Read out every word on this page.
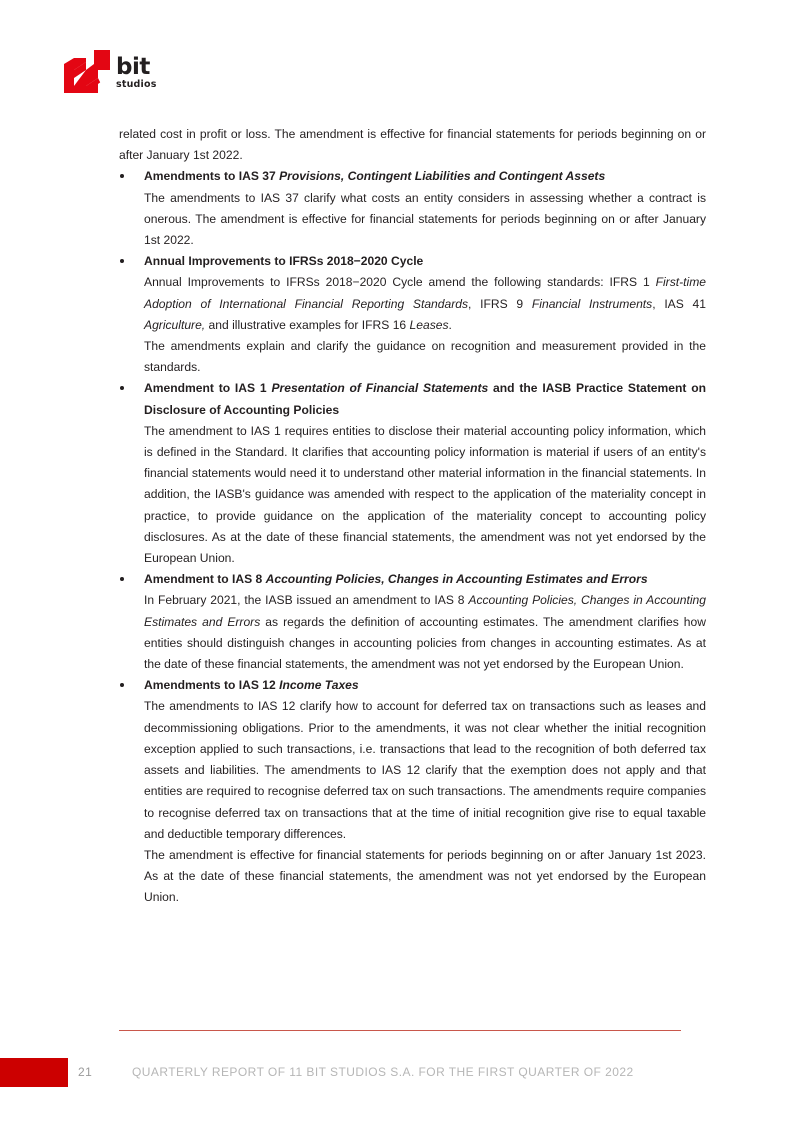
bit
studios

related cost in profit or loss. The amendment is effective for financial statements for periods beginning on or after January 1st 2022.

Amendments to IAS 37 Provisions, Contingent Liabilities and Contingent Assets

The amendments to IAS 37 clarify what costs an entity considers in assessing whether a contract is onerous. The amendment is effective for financial statements for periods beginning on or after January 1st 2022.

Annual Improvements to IFRSs 2018−2020 Cycle

Annual Improvements to IFRSs 2018−2020 Cycle amend the following standards: IFRS 1 First-time Adoption of International Financial Reporting Standards, IFRS 9 Financial Instruments, IAS 41 Agriculture, and illustrative examples for IFRS 16 Leases.

The amendments explain and clarify the guidance on recognition and measurement provided in the standards.

Amendment to IAS 1 Presentation of Financial Statements and the IASB Practice Statement on Disclosure of Accounting Policies

The amendment to IAS 1 requires entities to disclose their material accounting policy information, which is defined in the Standard. It clarifies that accounting policy information is material if users of an entity's financial statements would need it to understand other material information in the financial statements. In addition, the IASB's guidance was amended with respect to the application of the materiality concept in practice, to provide guidance on the application of the materiality concept to accounting policy disclosures. As at the date of these financial statements, the amendment was not yet endorsed by the European Union.

Amendment to IAS 8 Accounting Policies, Changes in Accounting Estimates and Errors

In February 2021, the IASB issued an amendment to IAS 8 Accounting Policies, Changes in Accounting Estimates and Errors as regards the definition of accounting estimates. The amendment clarifies how entities should distinguish changes in accounting policies from changes in accounting estimates. As at the date of these financial statements, the amendment was not yet endorsed by the European Union.

Amendments to IAS 12 Income Taxes

The amendments to IAS 12 clarify how to account for deferred tax on transactions such as leases and decommissioning obligations. Prior to the amendments, it was not clear whether the initial recognition exception applied to such transactions, i.e. transactions that lead to the recognition of both deferred tax assets and liabilities. The amendments to IAS 12 clarify that the exemption does not apply and that entities are required to recognise deferred tax on such transactions. The amendments require companies to recognise deferred tax on transactions that at the time of initial recognition give rise to equal taxable and deductible temporary differences.

The amendment is effective for financial statements for periods beginning on or after January 1st 2023. As at the date of these financial statements, the amendment was not yet endorsed by the European Union.

21	QUARTERLY REPORT OF 11 BIT STUDIOS S.A. FOR THE FIRST QUARTER OF 2022
